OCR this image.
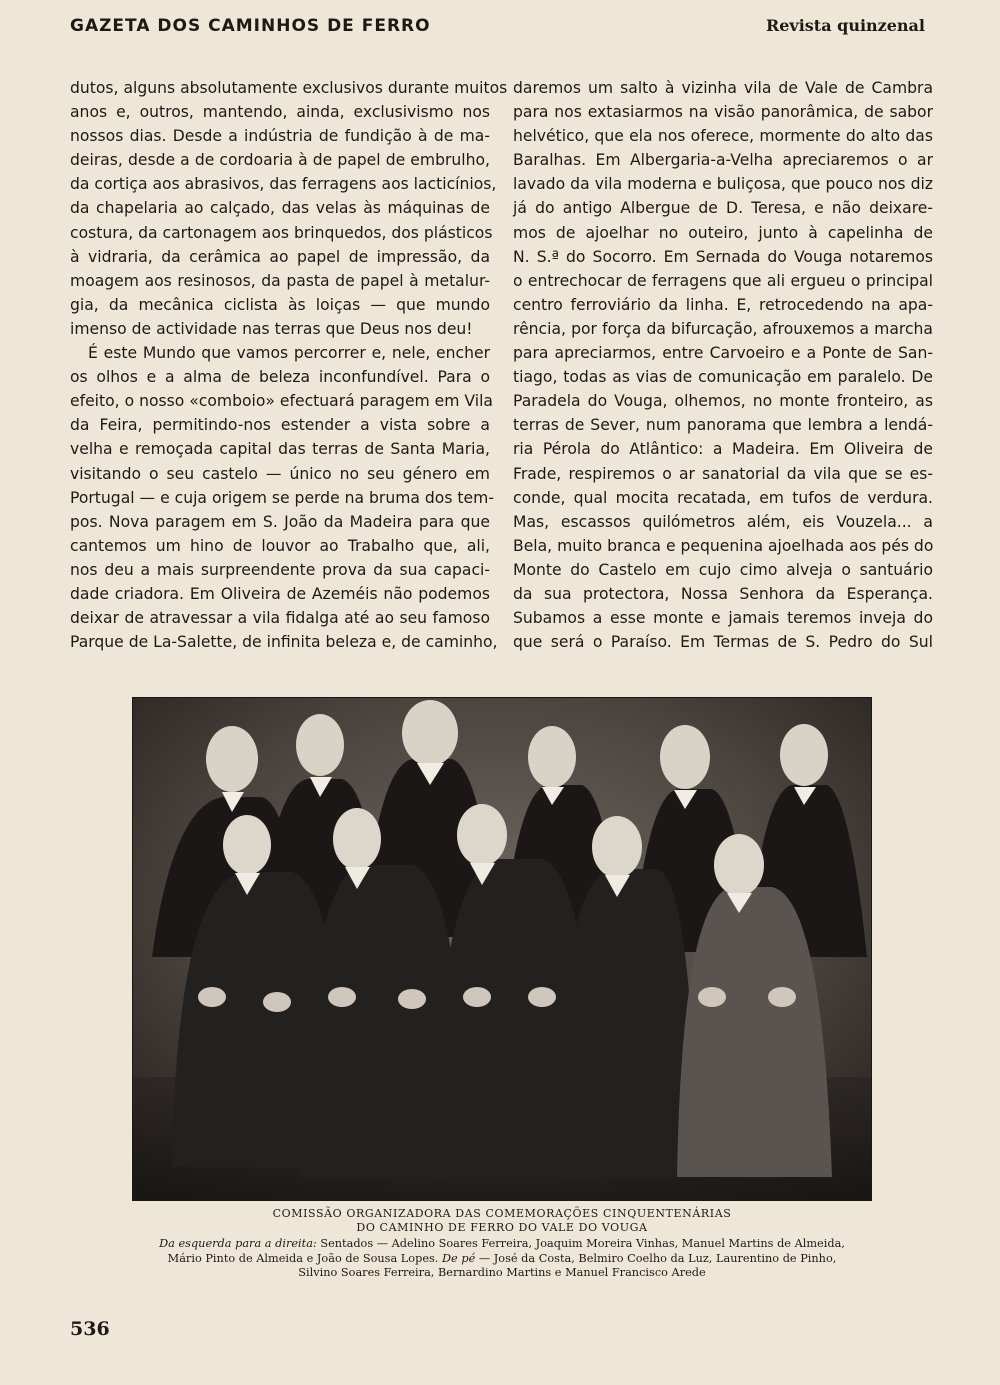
GAZETA DOS CAMINHOS DE FERRO	Revista quinzenal
dutos, alguns absolutamente exclusivos durante muitos
anos e, outros, mantendo, ainda, exclusivismo nos
nossos dias. Desde a indústria de fundição à de ma-
deiras, desde a de cordoaria à de papel de embrulho,
da cortiça aos abrasivos, das ferragens aos lacticínios,
da chapelaria ao calçado, das velas às máquinas de
costura, da cartonagem aos brinquedos, dos plásticos
à vidraria, da cerâmica ao papel de impressão, da
moagem aos resinosos, da pasta de papel à metalur-
gia, da mecânica ciclista às loiças — que mundo
imenso de actividade nas terras que Deus nos deu!
É este Mundo que vamos percorrer e, nele, encher
os olhos e a alma de beleza inconfundível. Para o
efeito, o nosso «comboio» efectuará paragem em Vila
da Feira, permitindo-nos estender a vista sobre a
velha e remoçada capital das terras de Santa Maria,
visitando o seu castelo — único no seu género em
Portugal — e cuja origem se perde na bruma dos tem-
pos. Nova paragem em S. João da Madeira para que
cantemos um hino de louvor ao Trabalho que, ali,
nos deu a mais surpreendente prova da sua capaci-
dade criadora. Em Oliveira de Azeméis não podemos
deixar de atravessar a vila fidalga até ao seu famoso
Parque de La-Salette, de infinita beleza e, de caminho,
daremos um salto à vizinha vila de Vale de Cambra
para nos extasiarmos na visão panorâmica, de sabor
helvético, que ela nos oferece, mormente do alto das
Baralhas. Em Albergaria-a-Velha apreciaremos o ar
lavado da vila moderna e buliçosa, que pouco nos diz
já do antigo Albergue de D. Teresa, e não deixare-
mos de ajoelhar no outeiro, junto à capelinha de
N. S.ª do Socorro. Em Sernada do Vouga notaremos
o entrechocar de ferragens que ali ergueu o principal
centro ferroviário da linha. E, retrocedendo na apa-
rência, por força da bifurcação, afrouxemos a marcha
para apreciarmos, entre Carvoeiro e a Ponte de San-
tiago, todas as vias de comunicação em paralelo. De
Paradela do Vouga, olhemos, no monte fronteiro, as
terras de Sever, num panorama que lembra a lendá-
ria Pérola do Atlântico: a Madeira. Em Oliveira de
Frade, respiremos o ar sanatorial da vila que se es-
conde, qual mocita recatada, em tufos de verdura.
Mas, escassos quilómetros além, eis Vouzela... a
Bela, muito branca e pequenina ajoelhada aos pés do
Monte do Castelo em cujo cimo alveja o santuário
da sua protectora, Nossa Senhora da Esperança.
Subamos a esse monte e jamais teremos inveja do
que será o Paraíso. Em Termas de S. Pedro do Sul
COMISSÃO ORGANIZADORA DAS COMEMORAÇÕES CINQUENTENÁRIAS
DO CAMINHO DE FERRO DO VALE DO VOUGA
Da esquerda para a direita: Sentados — Adelino Soares Ferreira, Joaquim Moreira Vinhas, Manuel Martins de Almeida,
Mário Pinto de Almeida e João de Sousa Lopes. De pé — José da Costa, Belmiro Coelho da Luz, Laurentino de Pinho,
Silvino Soares Ferreira, Bernardino Martins e Manuel Francisco Arede
536
